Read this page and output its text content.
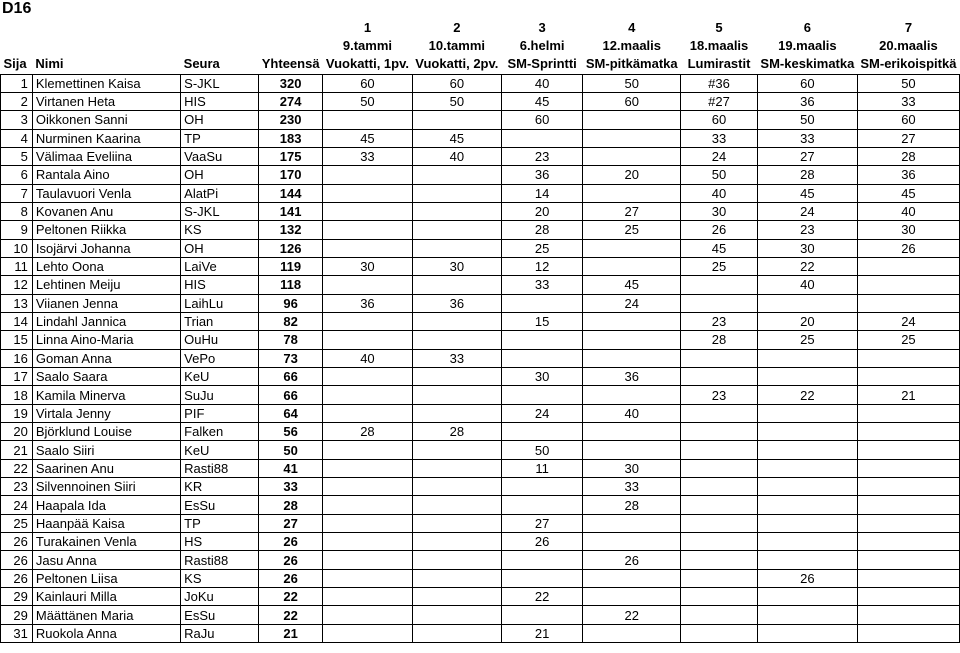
D16
				1	2	3	4	5	6	7
				9.tammi	10.tammi	6.helmi	12.maalis	18.maalis	19.maalis	20.maalis
Sija	Nimi	Seura	Yhteensä	Vuokatti, 1pv.	Vuokatti, 2pv.	SM-Sprintti	SM-pitkämatka	Lumirastit	SM-keskimatka	SM-erikoispitkä
1	Klemettinen Kaisa	S-JKL	320	60	60	40	50	#36	60	50
2	Virtanen Heta	HIS	274	50	50	45	60	#27	36	33
3	Oikkonen Sanni	OH	230			60		60	50	60
4	Nurminen Kaarina	TP	183	45	45			33	33	27
5	Välimaa Eveliina	VaaSu	175	33	40	23		24	27	28
6	Rantala Aino	OH	170			36	20	50	28	36
7	Taulavuori Venla	AlatPi	144			14		40	45	45
8	Kovanen Anu	S-JKL	141			20	27	30	24	40
9	Peltonen Riikka	KS	132			28	25	26	23	30
10	Isojärvi Johanna	OH	126			25		45	30	26
11	Lehto Oona	LaiVe	119	30	30	12		25	22	
12	Lehtinen Meiju	HIS	118			33	45		40	
13	Viianen Jenna	LaihLu	96	36	36		24			
14	Lindahl Jannica	Trian	82			15		23	20	24
15	Linna Aino-Maria	OuHu	78					28	25	25
16	Goman Anna	VePo	73	40	33					
17	Saalo Saara	KeU	66			30	36			
18	Kamila Minerva	SuJu	66					23	22	21
19	Virtala Jenny	PIF	64			24	40			
20	Björklund Louise	Falken	56	28	28					
21	Saalo Siiri	KeU	50			50				
22	Saarinen Anu	Rasti88	41			11	30			
23	Silvennoinen Siiri	KR	33				33			
24	Haapala Ida	EsSu	28				28			
25	Haanpää Kaisa	TP	27			27				
26	Turakainen Venla	HS	26			26				
26	Jasu Anna	Rasti88	26				26			
26	Peltonen Liisa	KS	26						26	
29	Kainlauri Milla	JoKu	22			22				
29	Määttänen Maria	EsSu	22				22			
31	Ruokola Anna	RaJu	21			21				
